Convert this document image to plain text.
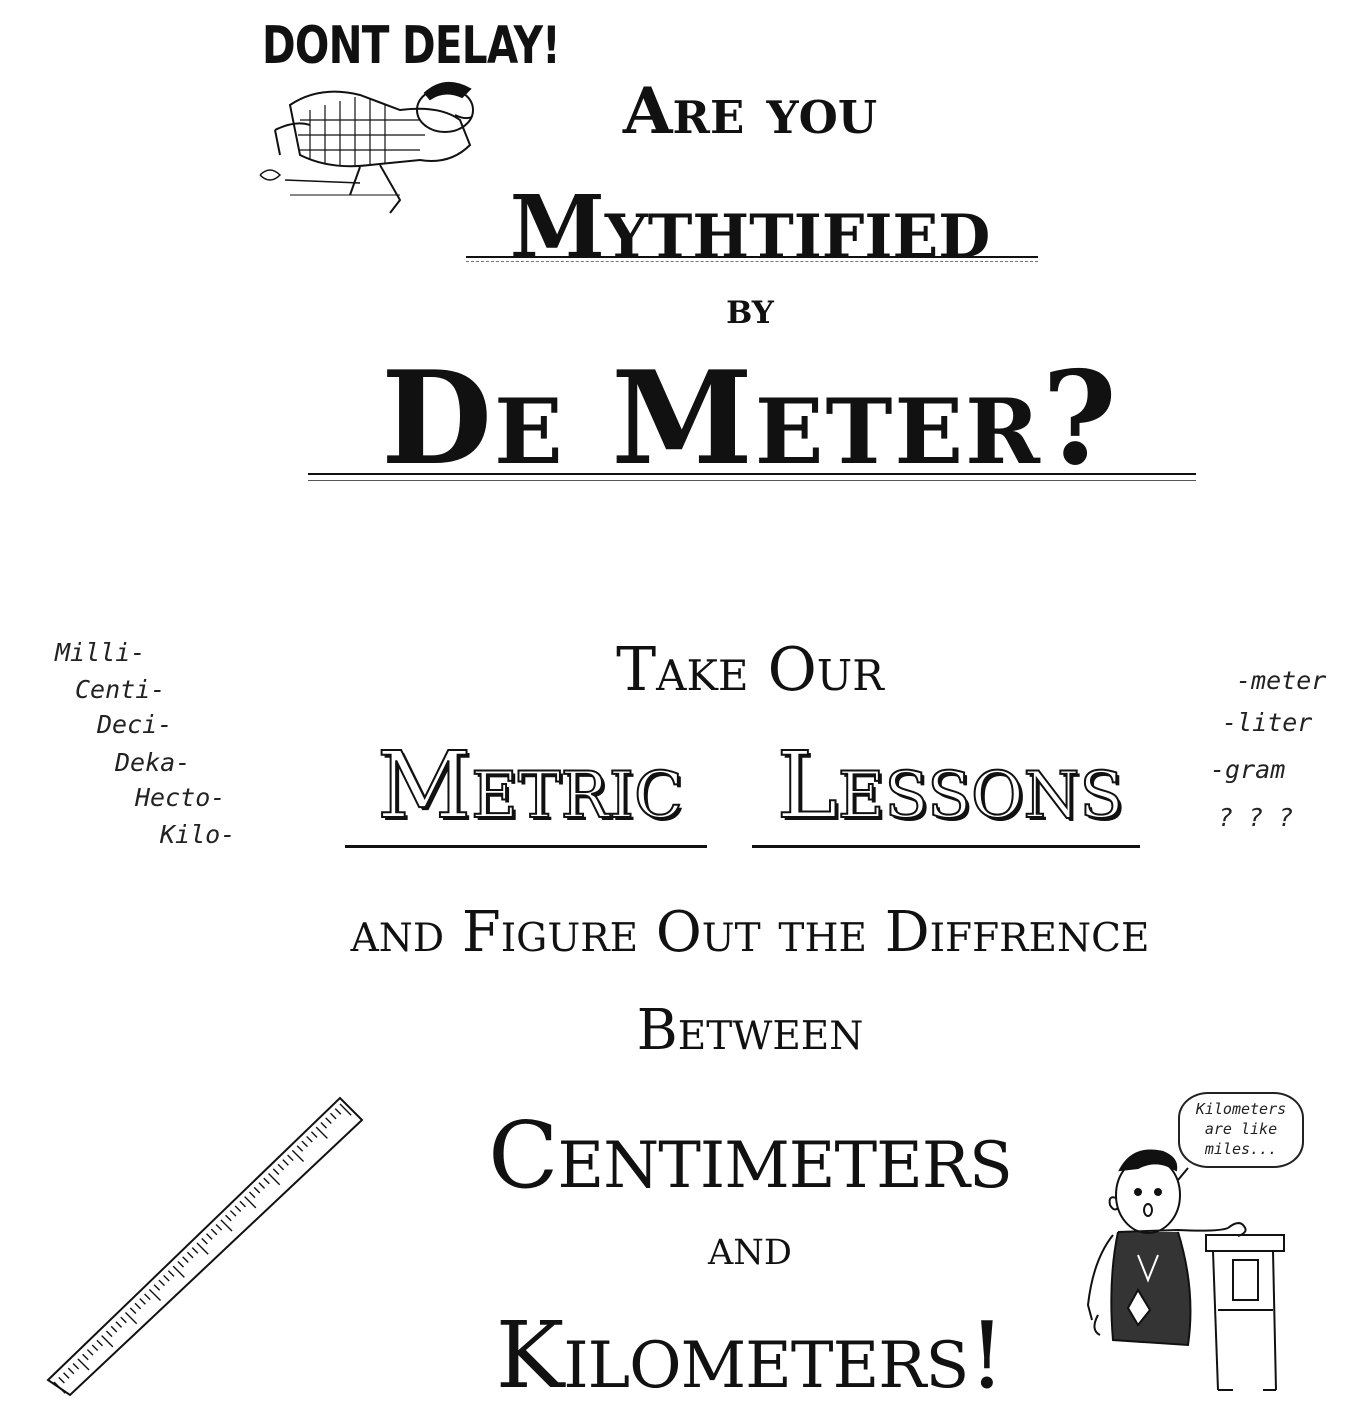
DONT DELAY!
Are you
Mythtified
by
De Meter?
Milli-
Centi-
Deci-
Deka-
Hecto-
Kilo-
-meter
-liter
-gram
? ? ?
Take Our
Metric	Lessons
and Figure Out the Diffrence
Between
Centimeters
and
Kilometers!
Kilometers
are like
miles...
